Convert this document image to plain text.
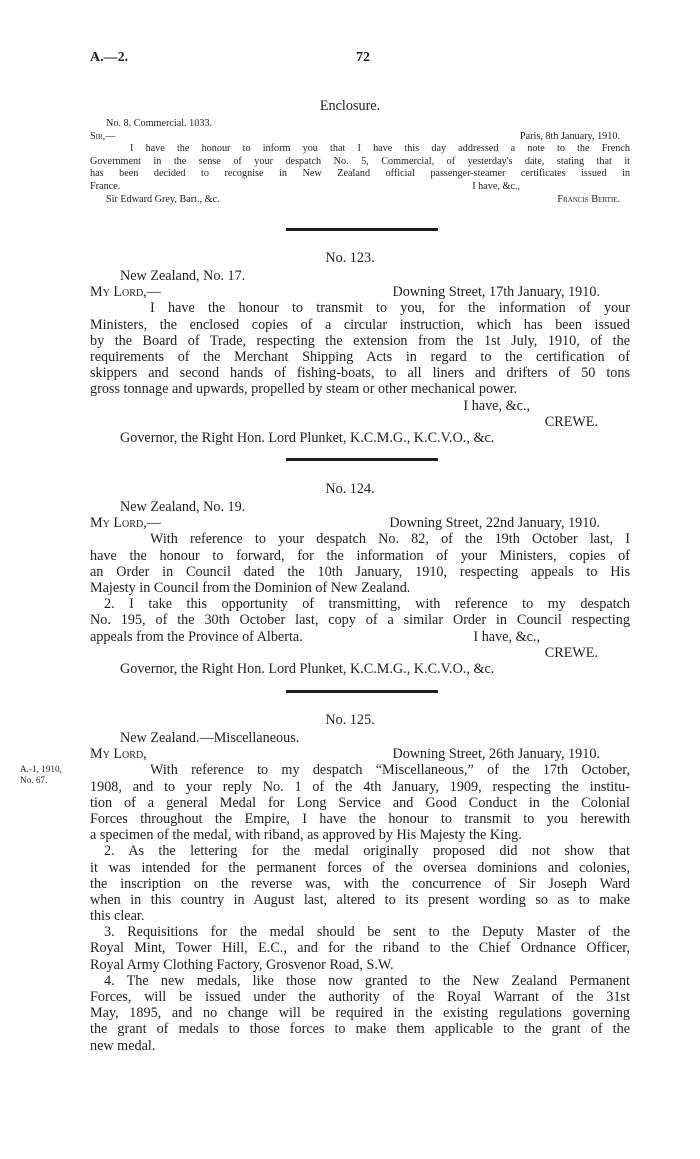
A.—2.	72
Enclosure.
No. 8. Commercial. 1033.
Sir,—	Paris, 8th January, 1910.
I have the honour to inform you that I have this day addressed a note to the French
Government in the sense of your despatch No. 5, Commercial, of yesterday's date, stating that it
has been decided to recognise in New Zealand official passenger-steamer certificates issued in
France.	I have, &c.,
Sir Edward Grey, Bart., &c.	Francis Bertie.
No. 123.
New Zealand, No. 17.
My Lord,—	Downing Street, 17th January, 1910.
I have the honour to transmit to you, for the information of your
Ministers, the enclosed copies of a circular instruction, which has been issued
by the Board of Trade, respecting the extension from the 1st July, 1910, of the
requirements of the Merchant Shipping Acts in regard to the certification of
skippers and second hands of fishing-boats, to all liners and drifters of 50 tons
gross tonnage and upwards, propelled by steam or other mechanical power.
I have, &c.,
CREWE.
Governor, the Right Hon. Lord Plunket, K.C.M.G., K.C.V.O., &c.
No. 124.
New Zealand, No. 19.
My Lord,—	Downing Street, 22nd January, 1910.
With reference to your despatch No. 82, of the 19th October last, I
have the honour to forward, for the information of your Ministers, copies of
an Order in Council dated the 10th January, 1910, respecting appeals to His
Majesty in Council from the Dominion of New Zealand.
2. I take this opportunity of transmitting, with reference to my despatch
No. 195, of the 30th October last, copy of a similar Order in Council respecting
appeals from the Province of Alberta.	I have, &c.,
CREWE.
Governor, the Right Hon. Lord Plunket, K.C.M.G., K.C.V.O., &c.
No. 125.
A.-1, 1910,
No. 67.
New Zealand.—Miscellaneous.
My Lord,	Downing Street, 26th January, 1910.
With reference to my despatch “Miscellaneous,” of the 17th October,
1908, and to your reply No. 1 of the 4th January, 1909, respecting the institu-
tion of a general Medal for Long Service and Good Conduct in the Colonial
Forces throughout the Empire, I have the honour to transmit to you herewith
a specimen of the medal, with riband, as approved by His Majesty the King.
2. As the lettering for the medal originally proposed did not show that
it was intended for the permanent forces of the oversea dominions and colonies,
the inscription on the reverse was, with the concurrence of Sir Joseph Ward
when in this country in August last, altered to its present wording so as to make
this clear.
3. Requisitions for the medal should be sent to the Deputy Master of the
Royal Mint, Tower Hill, E.C., and for the riband to the Chief Ordnance Officer,
Royal Army Clothing Factory, Grosvenor Road, S.W.
4. The new medals, like those now granted to the New Zealand Permanent
Forces, will be issued under the authority of the Royal Warrant of the 31st
May, 1895, and no change will be required in the existing regulations governing
the grant of medals to those forces to make them applicable to the grant of the
new medal.
